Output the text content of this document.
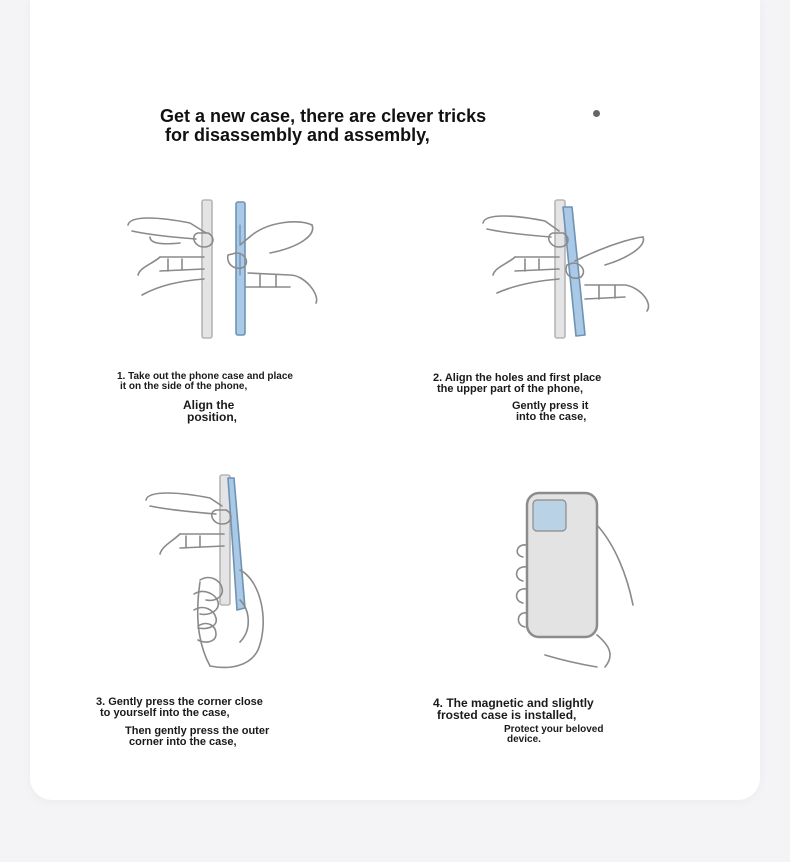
Get a new case, there are clever tricks

for disassembly and assembly,

1. Take out the phone case and place
it on the side of the phone,
Align the
position,
2. Align the holes and first place
the upper part of the phone,
Gently press it
into the case,
3. Gently press the corner close
to yourself into the case,
Then gently press the outer
corner into the case,
4. The magnetic and slightly
frosted case is installed,
Protect your beloved
device.
